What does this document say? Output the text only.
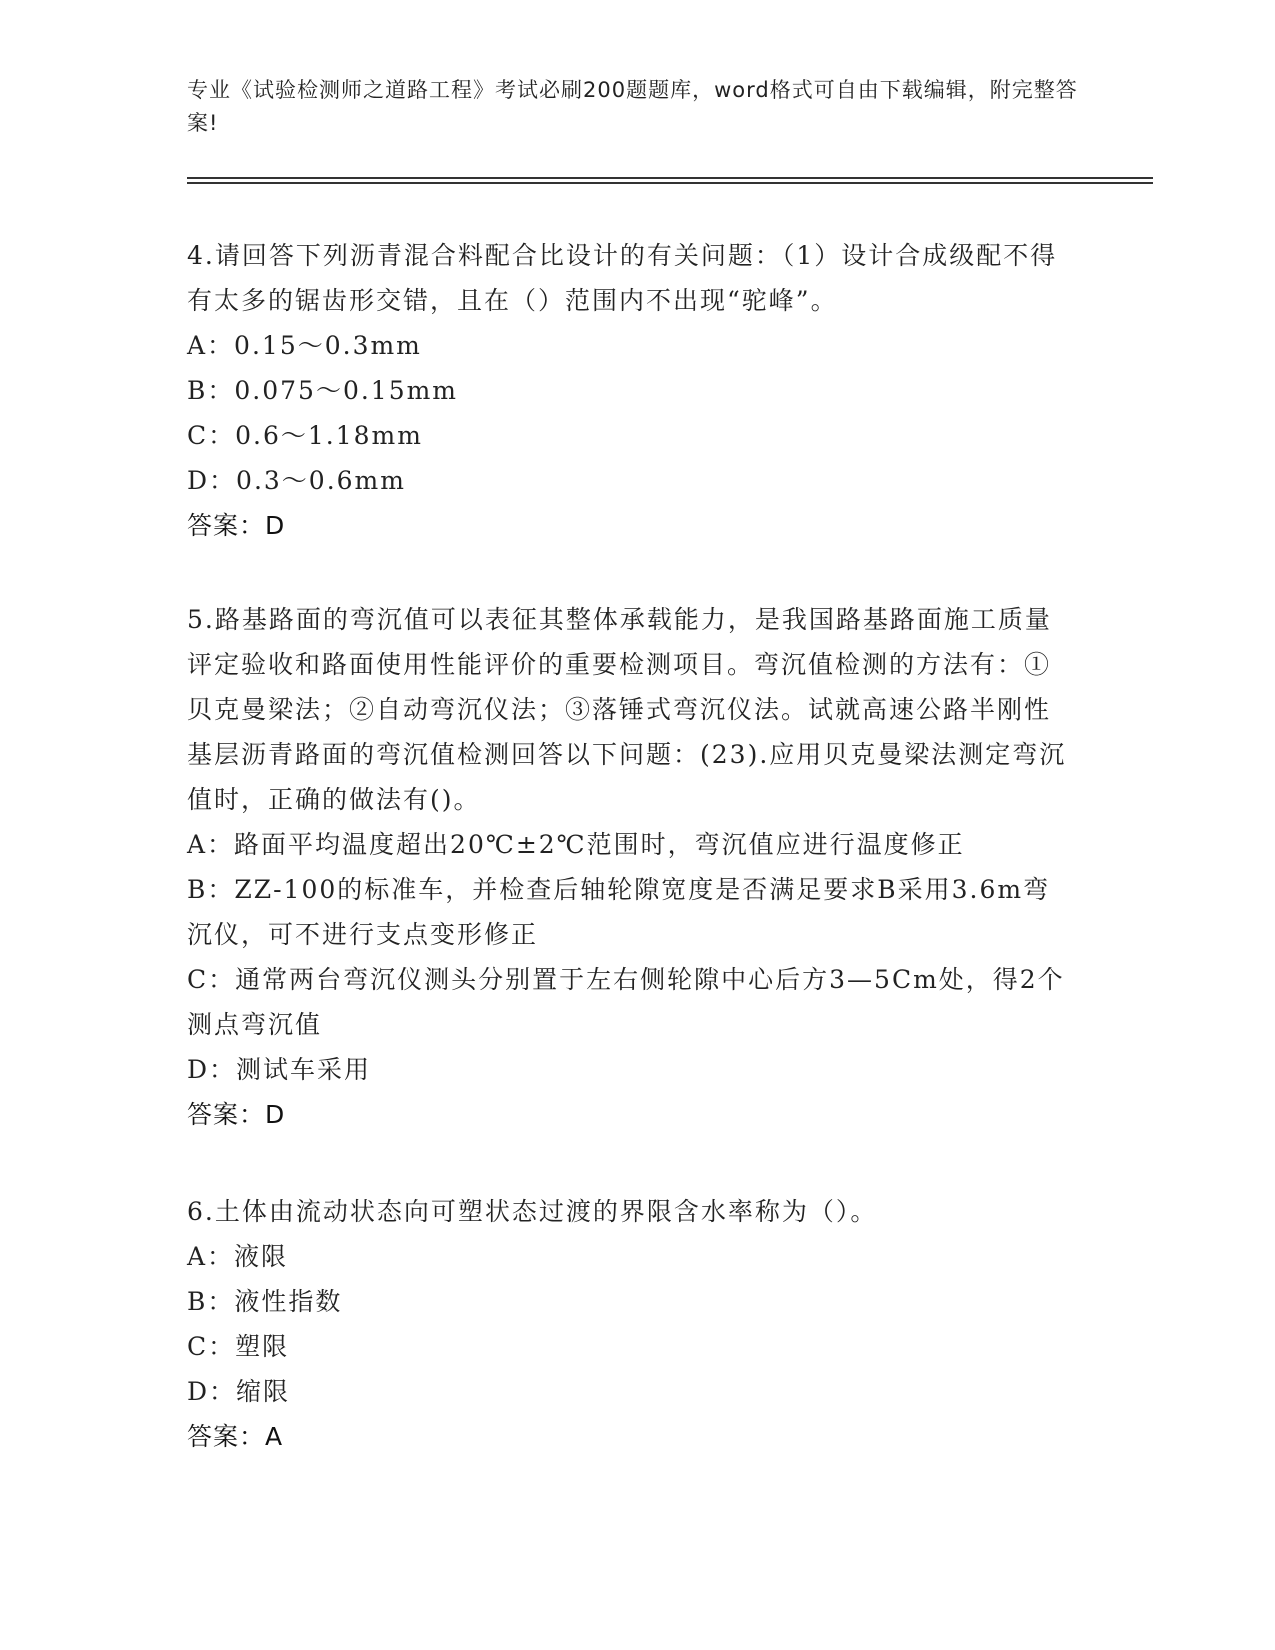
专业《试验检测师之道路工程》考试必刷200题题库，word格式可自由下载编辑，附完整答案!
4.请回答下列沥青混合料配合比设计的有关问题：（1）设计合成级配不得有太多的锯齿形交错，且在（）范围内不出现“驼峰”。
A：0.15～0.3mm
B：0.075～0.15mm
C：0.6～1.18mm
D：0.3～0.6mm
答案：D
5.路基路面的弯沉值可以表征其整体承载能力，是我国路基路面施工质量评定验收和路面使用性能评价的重要检测项目。弯沉值检测的方法有：①贝克曼梁法；②自动弯沉仪法；③落锤式弯沉仪法。试就高速公路半刚性基层沥青路面的弯沉值检测回答以下问题：(23).应用贝克曼梁法测定弯沉值时，正确的做法有()。
A：路面平均温度超出20℃±2℃范围时，弯沉值应进行温度修正
B：ZZ-100的标准车，并检查后轴轮隙宽度是否满足要求B采用3.6m弯沉仪，可不进行支点变形修正
C：通常两台弯沉仪测头分别置于左右侧轮隙中心后方3—5Cm处，得2个测点弯沉值
D：测试车采用
答案：D
6.土体由流动状态向可塑状态过渡的界限含水率称为（）。
A：液限
B：液性指数
C：塑限
D：缩限
答案：A
